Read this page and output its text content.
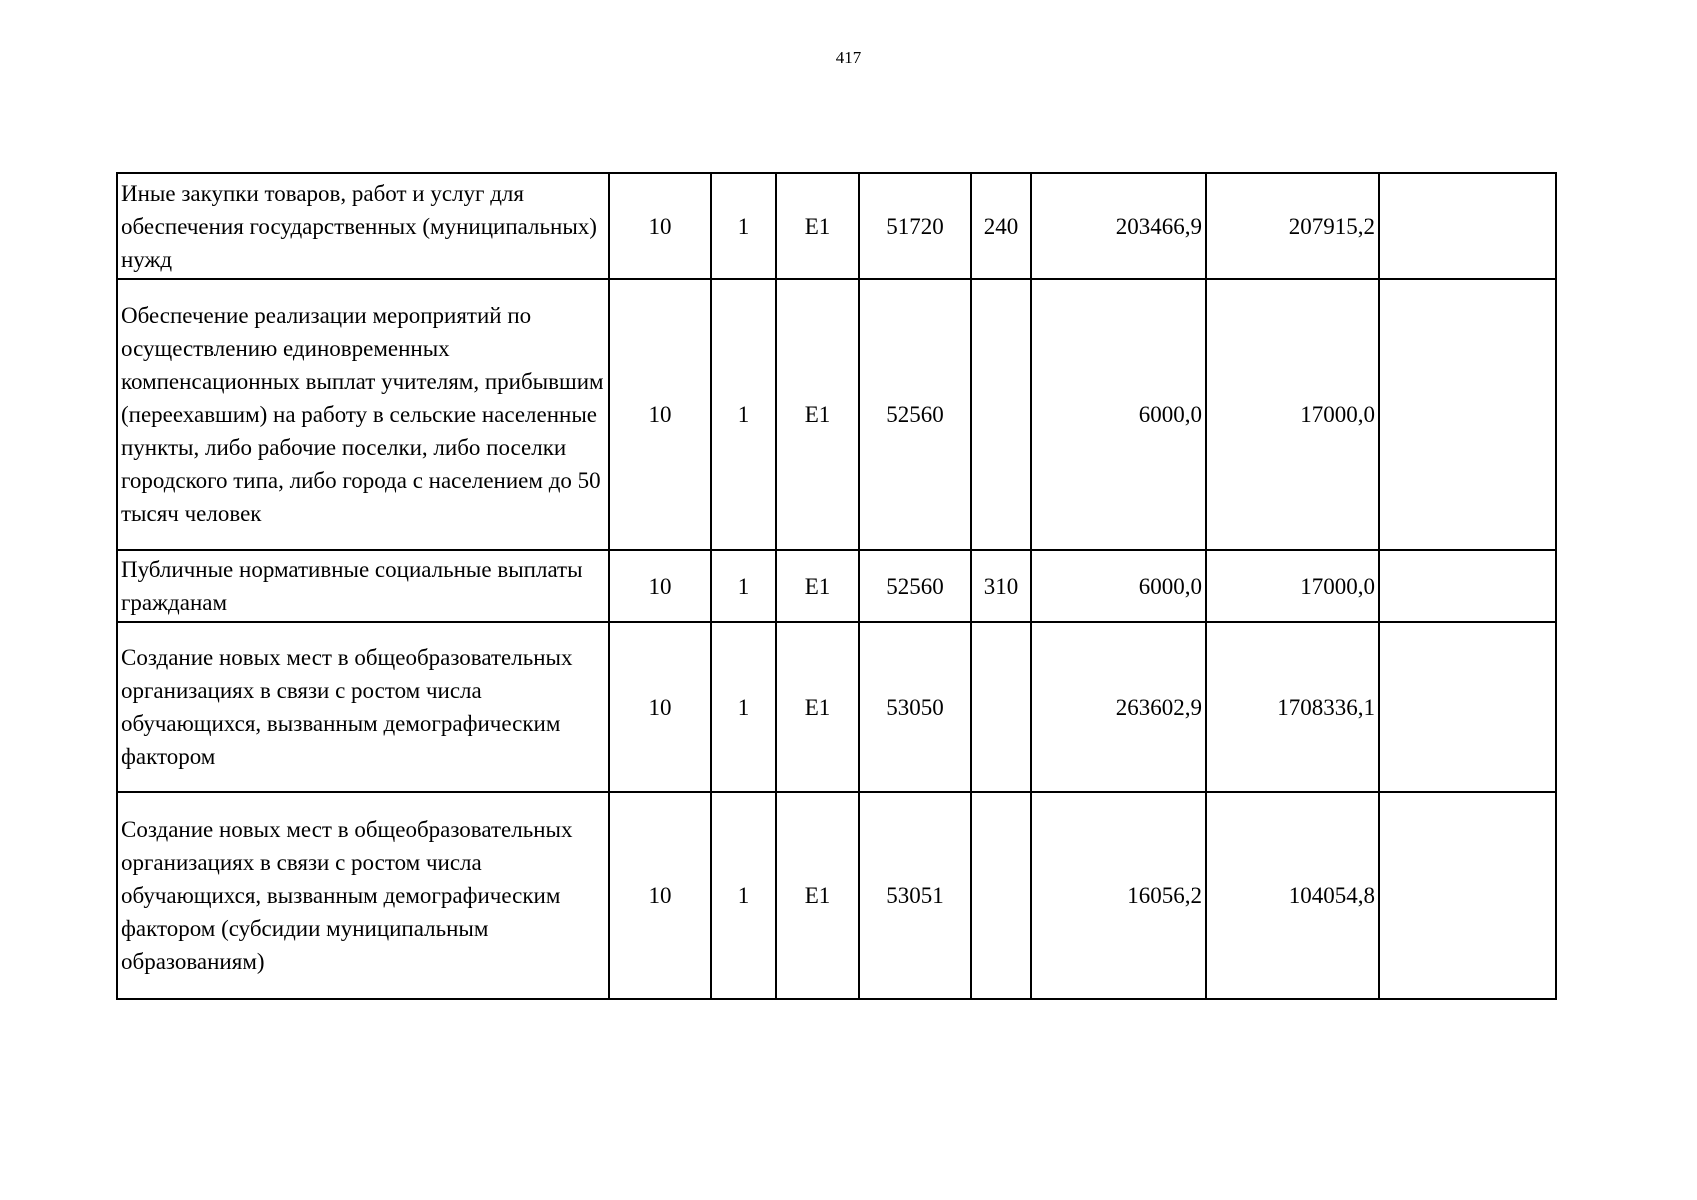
417
Иные закупки товаров, работ и услуг для обеспечения государственных (муниципальных) нужд	10	1	E1	51720	240	203466,9	207915,2	
Обеспечение реализации мероприятий по осуществлению единовременных компенсационных выплат учителям, прибывшим (переехавшим) на работу в сельские населенные пункты, либо рабочие поселки, либо поселки городского типа, либо города с населением до 50 тысяч человек	10	1	E1	52560		6000,0	17000,0	
Публичные нормативные социальные выплаты гражданам	10	1	E1	52560	310	6000,0	17000,0	
Создание новых мест в общеобразовательных организациях в связи с ростом числа обучающихся, вызванным демографическим фактором	10	1	E1	53050		263602,9	1708336,1	
Создание новых мест в общеобразовательных организациях в связи с ростом числа обучающихся, вызванным демографическим фактором (субсидии муниципальным образованиям)	10	1	E1	53051		16056,2	104054,8	
